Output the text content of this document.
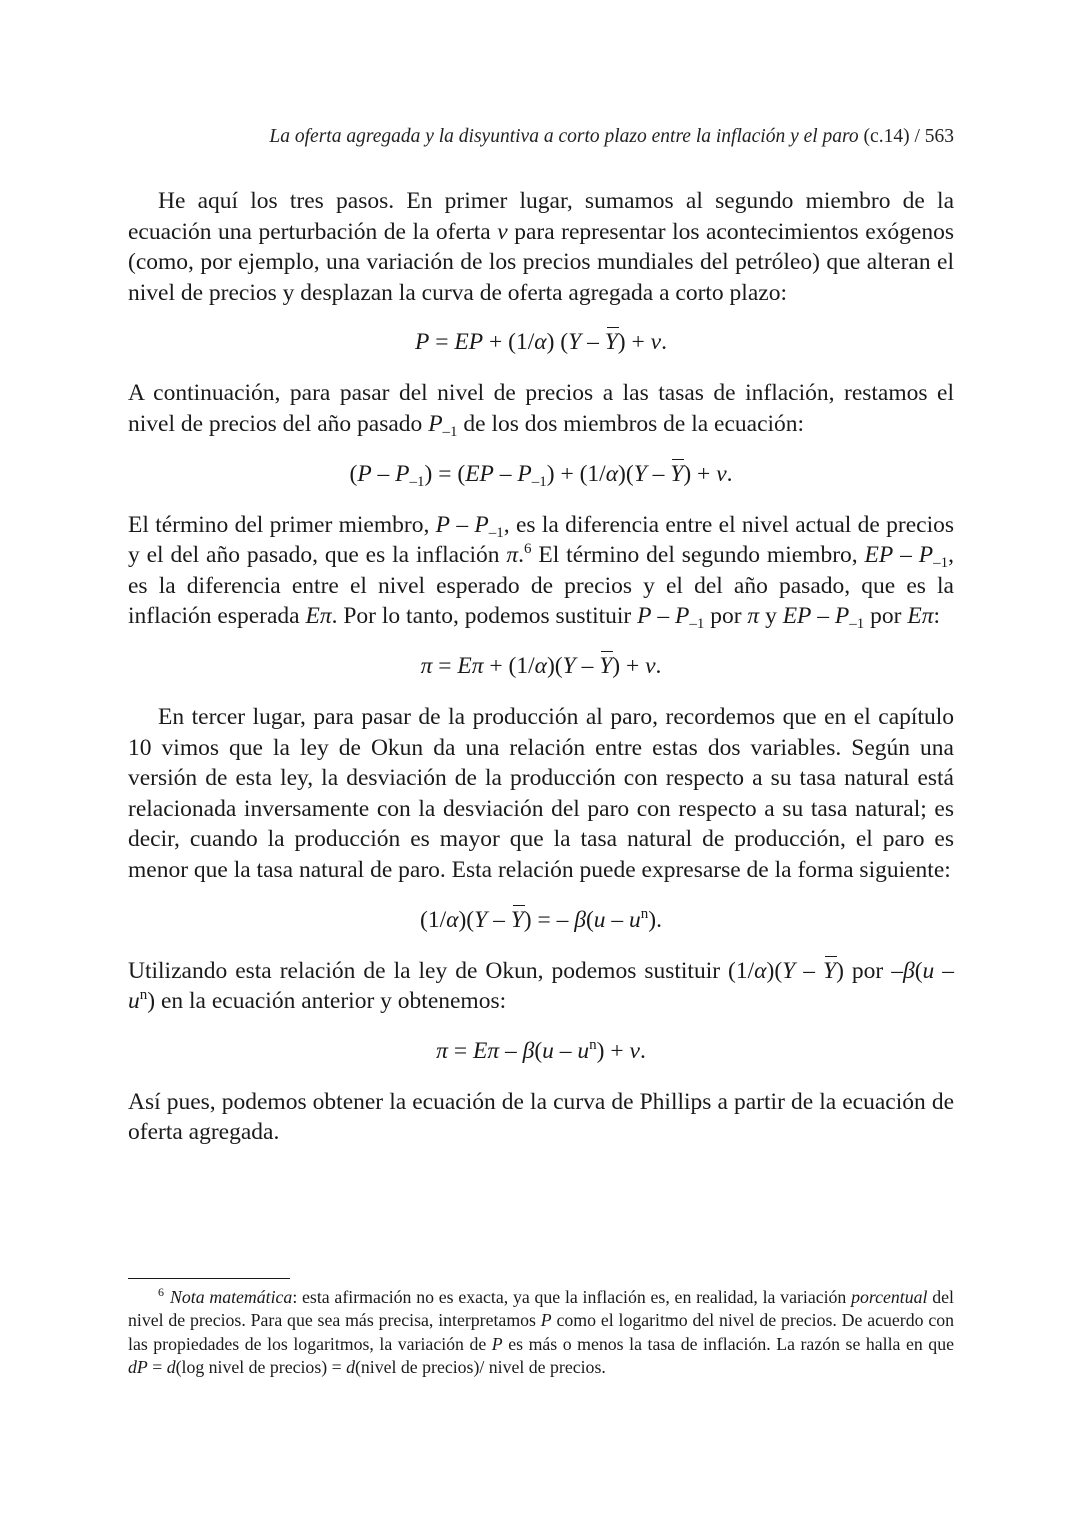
La oferta agregada y la disyuntiva a corto plazo entre la inflación y el paro (c.14) / 563

He aquí los tres pasos. En primer lugar, sumamos al segundo miembro de la ecuación una perturbación de la oferta v para representar los acontecimientos exógenos (como, por ejemplo, una variación de los precios mundiales del petróleo) que alteran el nivel de precios y desplazan la curva de oferta agregada a corto plazo:

P = EP + (1/α) (Y – Y) + v.

A continuación, para pasar del nivel de precios a las tasas de inflación, restamos el nivel de precios del año pasado $P_{-1}$ de los dos miembros de la ecuación:

$(P - P_{-1}) = (EP - P_{-1}) + (1/\alpha)(Y - Y) + v$.

El término del primer miembro, P – $P_{-1}$, es la diferencia entre el nivel actual de precios y el del año pasado, que es la inflación π.$^6$ El término del segundo miembro, EP – $P_{-1}$, es la diferencia entre el nivel esperado de precios y el del año pasado, que es la inflación esperada Eπ. Por lo tanto, podemos sustituir P – $P_{-1}$ por π y EP – $P_{-1}$ por Eπ:

π = Eπ + (1/α)(Y – Y) + v.

En tercer lugar, para pasar de la producción al paro, recordemos que en el capítulo 10 vimos que la ley de Okun da una relación entre estas dos variables. Según una versión de esta ley, la desviación de la producción con respecto a su tasa natural está relacionada inversamente con la desviación del paro con respecto a su tasa natural; es decir, cuando la producción es mayor que la tasa natural de producción, el paro es menor que la tasa natural de paro. Esta relación puede expresarse de la forma siguiente:

(1/α)(Y – Y) = – $\beta(u - u^n)$.

Utilizando esta relación de la ley de Okun, podemos sustituir (1/α)(Y – Y) por $-\beta(u - u^n)$ en la ecuación anterior y obtenemos:

$\pi = E\pi - \beta(u - u^n) + v$.

Así pues, podemos obtener la ecuación de la curva de Phillips a partir de la ecuación de oferta agregada.

$^6$ Nota matemática: esta afirmación no es exacta, ya que la inflación es, en realidad, la variación porcentual del nivel de precios. Para que sea más precisa, interpretamos P como el logaritmo del nivel de precios. De acuerdo con las propiedades de los logaritmos, la variación de P es más o menos la tasa de inflación. La razón se halla en que dP = d(log nivel de precios) = d(nivel de precios)/ nivel de precios.
